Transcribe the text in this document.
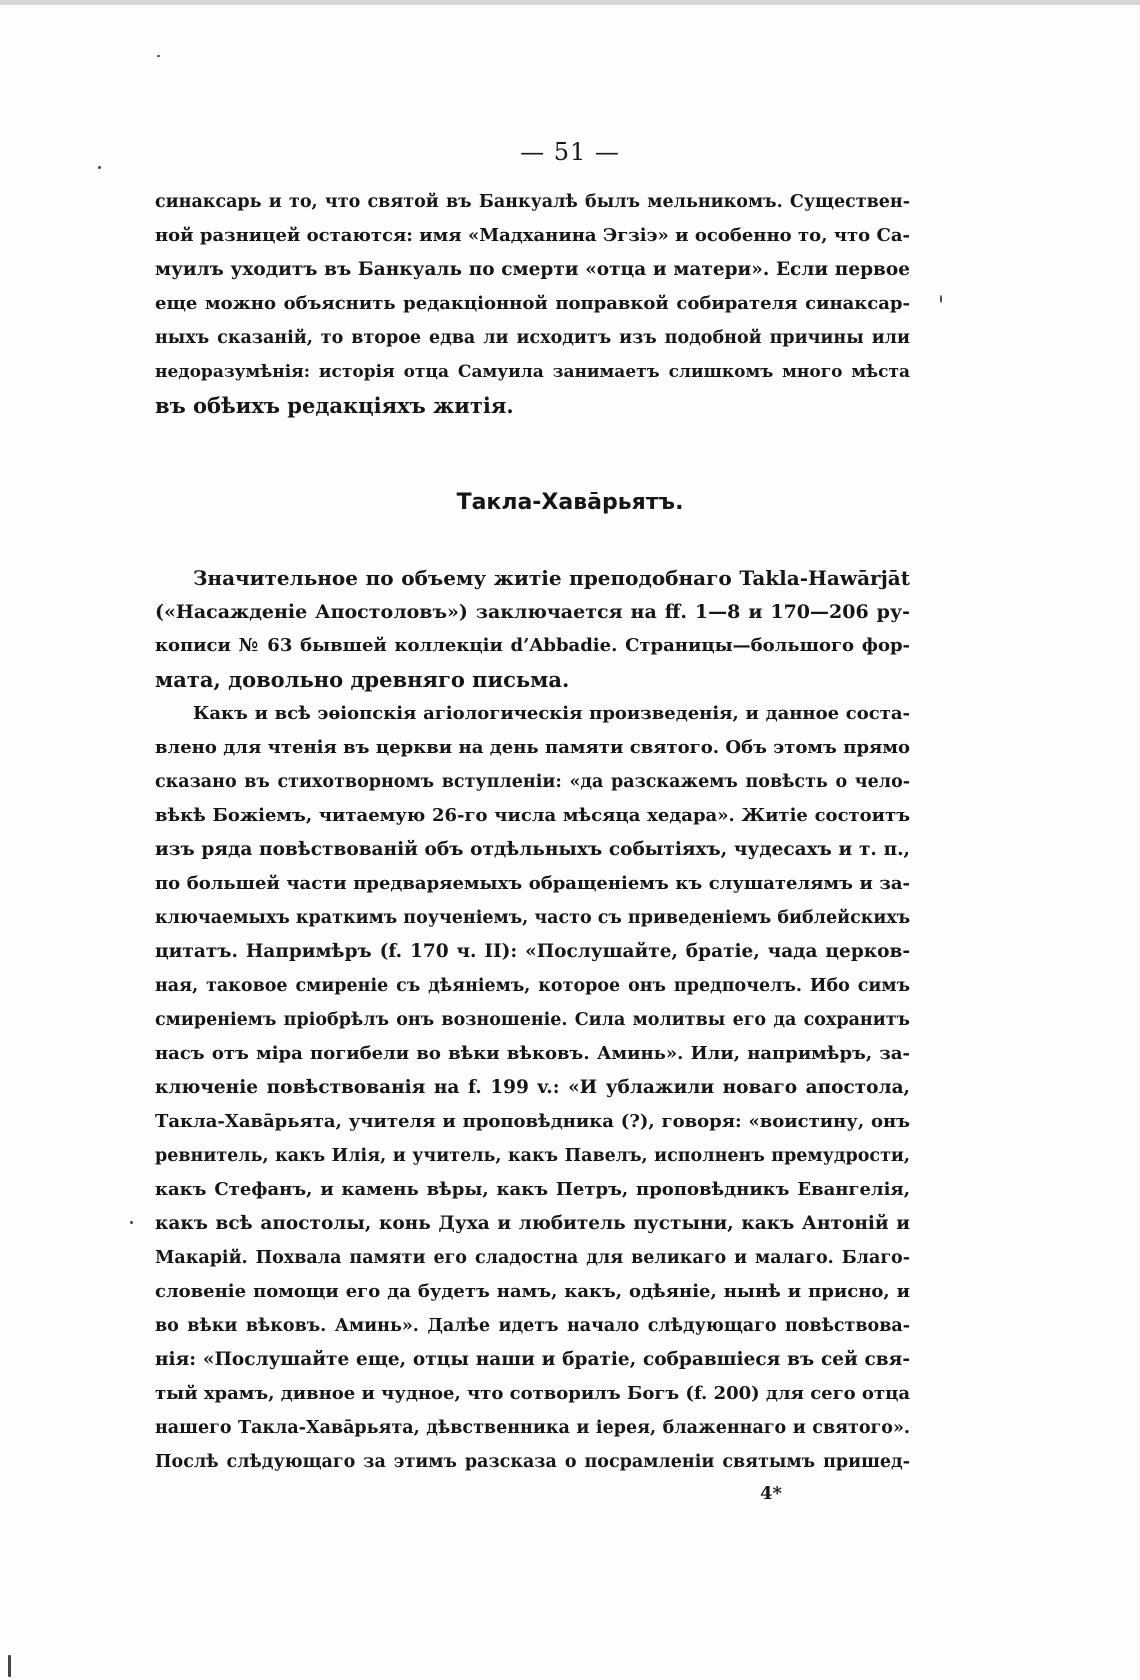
— 51 —
синаксарь и то, что святой въ Банкуалѣ былъ мельникомъ. Существен-
ной разницей остаются: имя «Мадханина Эгзіэ» и особенно то, что Са-
муилъ уходитъ въ Банкуаль по смерти «отца и матери». Если первое
еще можно объяснить редакціонной поправкой собирателя синаксар-
ныхъ сказаній, то второе едва ли исходитъ изъ подобной причины или
недоразумѣнія: исторія отца Самуила занимаетъ слишкомъ много мѣста
въ обѣихъ редакціяхъ житія.
Такла-Хавāрьятъ.
Значительное по объему житіе преподобнаго Takla-Hawārjāt
(«Насажденіе Апостоловъ») заключается на ff. 1—8 и 170—206 ру-
кописи № 63 бывшей коллекціи d’Abbadie. Страницы—большого фор-
мата, довольно древняго письма.
Какъ и всѣ эѳіопскія агіологическія произведенія, и данное соста-
влено для чтенія въ церкви на день памяти святого. Объ этомъ прямо
сказано въ стихотворномъ вступленіи: «да разскажемъ повѣсть о чело-
вѣкѣ Божіемъ, читаемую 26-го числа мѣсяца хедара». Житіе состоитъ
изъ ряда повѣствованій объ отдѣльныхъ событіяхъ, чудесахъ и т. п.,
по большей части предваряемыхъ обращеніемъ къ слушателямъ и за-
ключаемыхъ краткимъ поученіемъ, часто съ приведеніемъ библейскихъ
цитатъ. Напримѣръ (f. 170 ч. II): «Послушайте, братіе, чада церков-
ная, таковое смиреніе съ дѣяніемъ, которое онъ предпочелъ. Ибо симъ
смиреніемъ пріобрѣлъ онъ вознoшеніе. Сила молитвы его да сохранитъ
насъ отъ міра погибели во вѣки вѣковъ. Аминь». Или, напримѣръ, за-
ключеніе повѣствованія на f. 199 v.: «И ублажили новаго апостола,
Такла-Хавāрьята, учителя и проповѣдника (?), говоря: «воистину, онъ
ревнитель, какъ Илія, и учитель, какъ Павелъ, исполненъ премудрости,
какъ Стефанъ, и камень вѣры, какъ Петръ, проповѣдникъ Евангелія,
какъ всѣ апостолы, конь Духа и любитель пустыни, какъ Антоній и
Макарій. Похвала памяти его сладостна для великаго и малаго. Благо-
словеніе помощи его да будетъ намъ, какъ, одѣяніе, нынѣ и присно, и
во вѣки вѣковъ. Аминь». Далѣе идетъ начало слѣдующаго повѣствова-
нія: «Послушайте еще, отцы наши и братіе, собравшіеся въ сей свя-
тый храмъ, дивное и чудное, что сотворилъ Богъ (f. 200) для сего отца
нашего Такла-Хавāрьята, дѣвственника и іерея, блаженнаго и святого».
Послѣ слѣдующаго за этимъ разсказа о посрамленіи святымъ пришед-
4*
